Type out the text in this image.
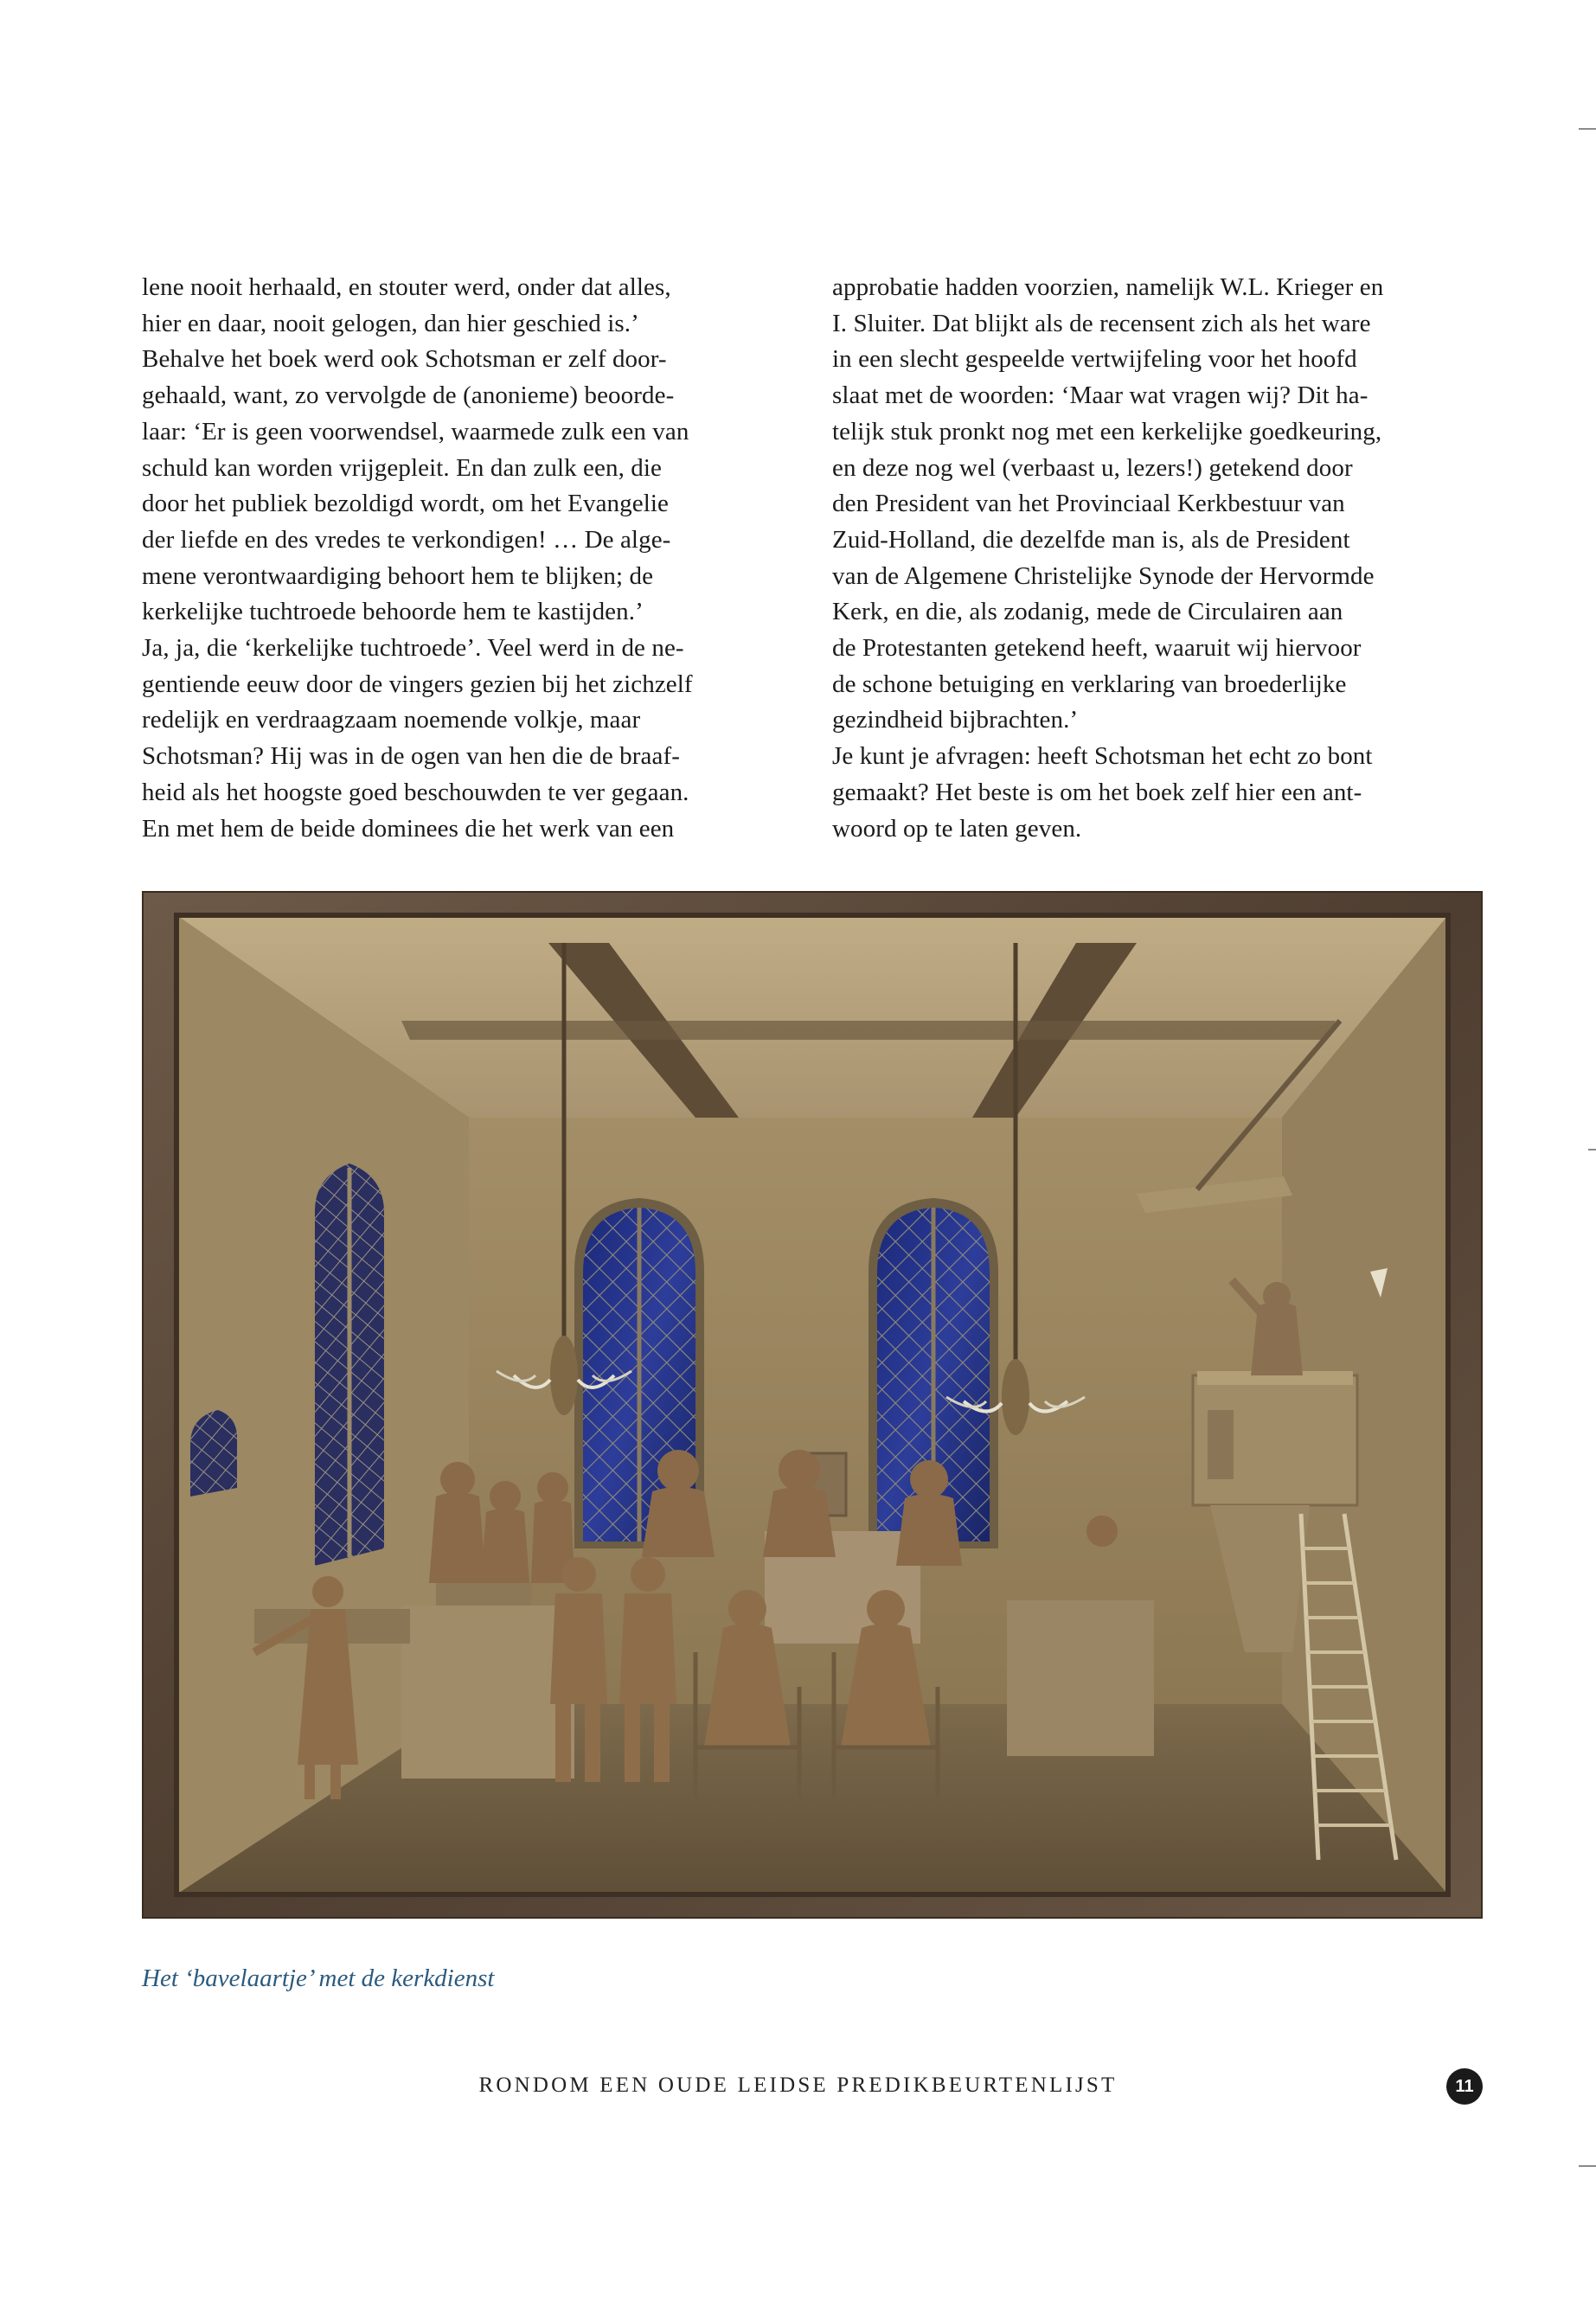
lene nooit herhaald, en stouter werd, onder dat alles,

hier en daar, nooit gelogen, dan hier geschied is.’

Behalve het boek werd ook Schotsman er zelf door-

gehaald, want, zo vervolgde de (anonieme) beoorde-

laar: ‘Er is geen voorwendsel, waarmede zulk een van

schuld kan worden vrijgepleit. En dan zulk een, die

door het publiek bezoldigd wordt, om het Evangelie

der liefde en des vredes te verkondigen! … De alge-

mene verontwaardiging behoort hem te blijken; de

kerkelijke tuchtroede behoorde hem te kastijden.’

Ja, ja, die ‘kerkelijke tuchtroede’. Veel werd in de ne-

gentiende eeuw door de vingers gezien bij het zichzelf

redelijk en verdraagzaam noemende volkje, maar

Schotsman? Hij was in de ogen van hen die de braaf-

heid als het hoogste goed beschouwden te ver gegaan.

En met hem de beide dominees die het werk van een

approbatie hadden voorzien, namelijk W.L. Krieger en

I. Sluiter. Dat blijkt als de recensent zich als het ware

in een slecht gespeelde vertwijfeling voor het hoofd

slaat met de woorden: ‘Maar wat vragen wij? Dit ha-

telijk stuk pronkt nog met een kerkelijke goedkeuring,

en deze nog wel (verbaast u, lezers!) getekend door

den President van het Provinciaal Kerkbestuur van

Zuid-Holland, die dezelfde man is, als de President

van de Algemene Christelijke Synode der Hervormde

Kerk, en die, als zodanig, mede de Circulairen aan

de Protestanten getekend heeft, waaruit wij hiervoor

de schone betuiging en verklaring van broederlijke

gezindheid bijbrachten.’

Je kunt je afvragen: heeft Schotsman het echt zo bont

gemaakt? Het beste is om het boek zelf hier een ant-

woord op te laten geven.

Het ‘bavelaartje’ met de kerkdienst
RONDOM EEN OUDE LEIDSE PREDIKBEURTENLIJST	11
